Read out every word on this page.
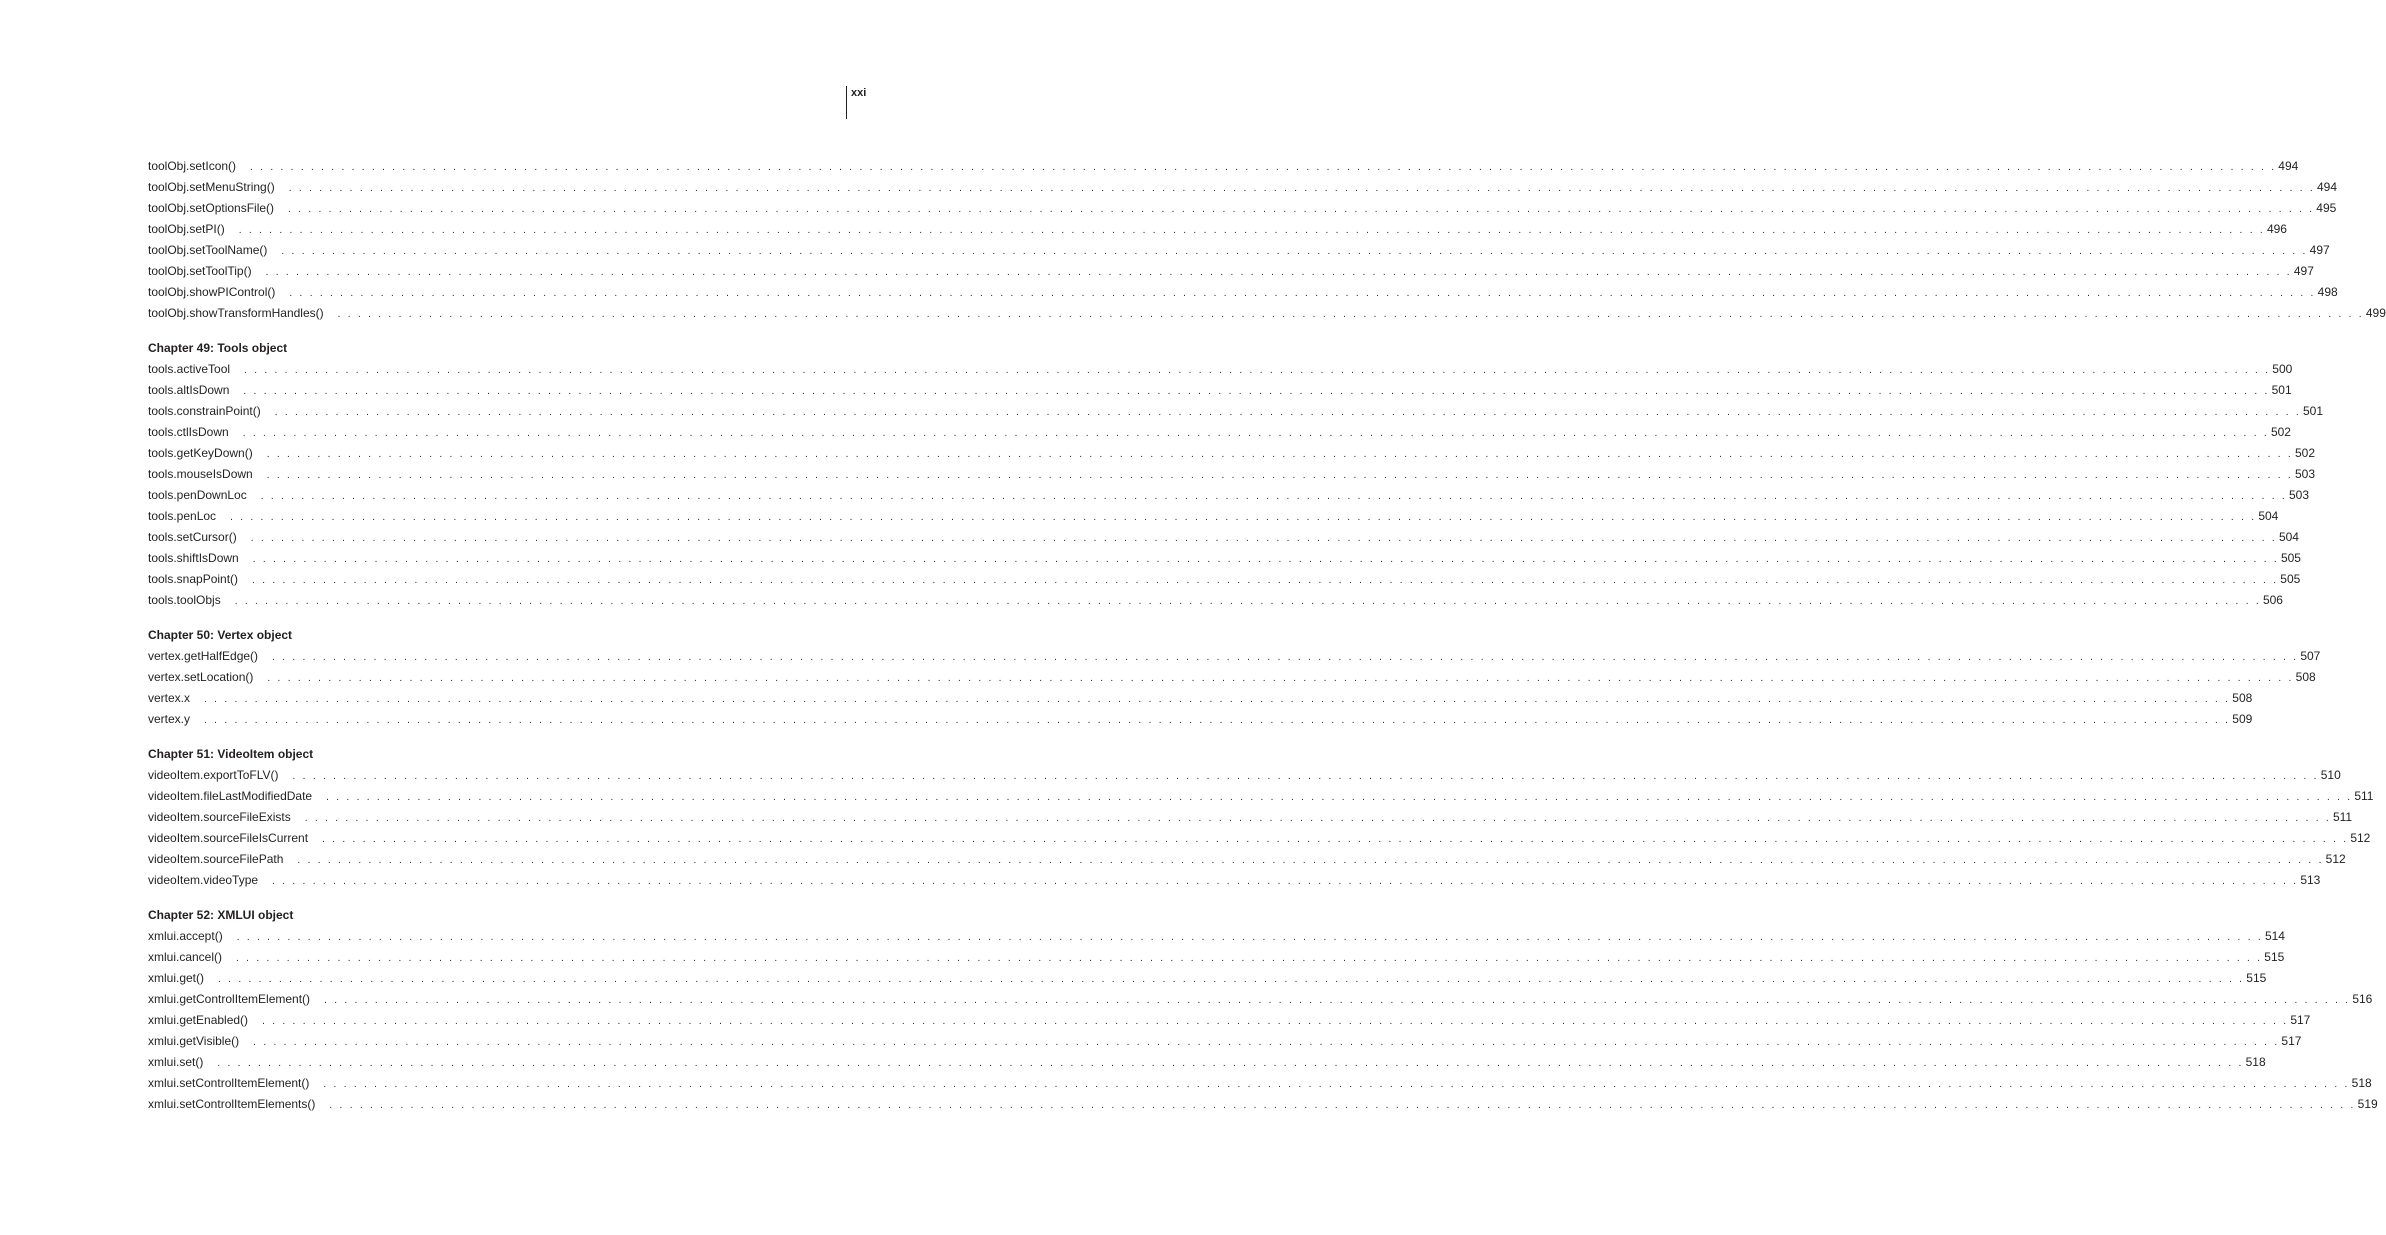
xxi
toolObj.setIcon()	. . . . . . . . . . . . . . . . . . . . . . . . . . . . . . . . . . . . . . . . . . . . . . . . . . . . . . . . . . . . . . . . . . . . . . . . . . . . . . . . . . . . . . . . . . . . . . . . . . . . . . . . . . . . . . . . . . . . . . . . . . . . . . . . . . . . . . . . . . . . . . . . . . . . . . . . . . . . . . . . . . . . . . . . . . . . . . . . . . . . . . . . . . . . . . . . . . . . . . . . 494
toolObj.setMenuString()	. . . . . . . . . . . . . . . . . . . . . . . . . . . . . . . . . . . . . . . . . . . . . . . . . . . . . . . . . . . . . . . . . . . . . . . . . . . . . . . . . . . . . . . . . . . . . . . . . . . . . . . . . . . . . . . . . . . . . . . . . . . . . . . . . . . . . . . . . . . . . . . . . . . . . . . . . . . . . . . . . . . . . . . . . . . . . . . . . . . . . . . . . . . . . . . . . . . . . . . . 494
toolObj.setOptionsFile()	. . . . . . . . . . . . . . . . . . . . . . . . . . . . . . . . . . . . . . . . . . . . . . . . . . . . . . . . . . . . . . . . . . . . . . . . . . . . . . . . . . . . . . . . . . . . . . . . . . . . . . . . . . . . . . . . . . . . . . . . . . . . . . . . . . . . . . . . . . . . . . . . . . . . . . . . . . . . . . . . . . . . . . . . . . . . . . . . . . . . . . . . . . . . . . . . . . . . . . . . 495
toolObj.setPI()	. . . . . . . . . . . . . . . . . . . . . . . . . . . . . . . . . . . . . . . . . . . . . . . . . . . . . . . . . . . . . . . . . . . . . . . . . . . . . . . . . . . . . . . . . . . . . . . . . . . . . . . . . . . . . . . . . . . . . . . . . . . . . . . . . . . . . . . . . . . . . . . . . . . . . . . . . . . . . . . . . . . . . . . . . . . . . . . . . . . . . . . . . . . . . . . . . . . . . . . . 496
toolObj.setToolName()	. . . . . . . . . . . . . . . . . . . . . . . . . . . . . . . . . . . . . . . . . . . . . . . . . . . . . . . . . . . . . . . . . . . . . . . . . . . . . . . . . . . . . . . . . . . . . . . . . . . . . . . . . . . . . . . . . . . . . . . . . . . . . . . . . . . . . . . . . . . . . . . . . . . . . . . . . . . . . . . . . . . . . . . . . . . . . . . . . . . . . . . . . . . . . . . . . . . . . . . . 497
toolObj.setToolTip()	. . . . . . . . . . . . . . . . . . . . . . . . . . . . . . . . . . . . . . . . . . . . . . . . . . . . . . . . . . . . . . . . . . . . . . . . . . . . . . . . . . . . . . . . . . . . . . . . . . . . . . . . . . . . . . . . . . . . . . . . . . . . . . . . . . . . . . . . . . . . . . . . . . . . . . . . . . . . . . . . . . . . . . . . . . . . . . . . . . . . . . . . . . . . . . . . . . . . . . . . 497
toolObj.showPIControl()	. . . . . . . . . . . . . . . . . . . . . . . . . . . . . . . . . . . . . . . . . . . . . . . . . . . . . . . . . . . . . . . . . . . . . . . . . . . . . . . . . . . . . . . . . . . . . . . . . . . . . . . . . . . . . . . . . . . . . . . . . . . . . . . . . . . . . . . . . . . . . . . . . . . . . . . . . . . . . . . . . . . . . . . . . . . . . . . . . . . . . . . . . . . . . . . . . . . . . . . . 498
toolObj.showTransformHandles()	. . . . . . . . . . . . . . . . . . . . . . . . . . . . . . . . . . . . . . . . . . . . . . . . . . . . . . . . . . . . . . . . . . . . . . . . . . . . . . . . . . . . . . . . . . . . . . . . . . . . . . . . . . . . . . . . . . . . . . . . . . . . . . . . . . . . . . . . . . . . . . . . . . . . . . . . . . . . . . . . . . . . . . . . . . . . . . . . . . . . . . . . . . . . . . . . . . . . . . . . 499
Chapter 49: Tools object
tools.activeTool	. . . . . . . . . . . . . . . . . . . . . . . . . . . . . . . . . . . . . . . . . . . . . . . . . . . . . . . . . . . . . . . . . . . . . . . . . . . . . . . . . . . . . . . . . . . . . . . . . . . . . . . . . . . . . . . . . . . . . . . . . . . . . . . . . . . . . . . . . . . . . . . . . . . . . . . . . . . . . . . . . . . . . . . . . . . . . . . . . . . . . . . . . . . . . . . . . . . . . . . . 500
tools.altIsDown	. . . . . . . . . . . . . . . . . . . . . . . . . . . . . . . . . . . . . . . . . . . . . . . . . . . . . . . . . . . . . . . . . . . . . . . . . . . . . . . . . . . . . . . . . . . . . . . . . . . . . . . . . . . . . . . . . . . . . . . . . . . . . . . . . . . . . . . . . . . . . . . . . . . . . . . . . . . . . . . . . . . . . . . . . . . . . . . . . . . . . . . . . . . . . . . . . . . . . . . . 501
tools.constrainPoint()	. . . . . . . . . . . . . . . . . . . . . . . . . . . . . . . . . . . . . . . . . . . . . . . . . . . . . . . . . . . . . . . . . . . . . . . . . . . . . . . . . . . . . . . . . . . . . . . . . . . . . . . . . . . . . . . . . . . . . . . . . . . . . . . . . . . . . . . . . . . . . . . . . . . . . . . . . . . . . . . . . . . . . . . . . . . . . . . . . . . . . . . . . . . . . . . . . . . . . . . . 501
tools.ctlIsDown	. . . . . . . . . . . . . . . . . . . . . . . . . . . . . . . . . . . . . . . . . . . . . . . . . . . . . . . . . . . . . . . . . . . . . . . . . . . . . . . . . . . . . . . . . . . . . . . . . . . . . . . . . . . . . . . . . . . . . . . . . . . . . . . . . . . . . . . . . . . . . . . . . . . . . . . . . . . . . . . . . . . . . . . . . . . . . . . . . . . . . . . . . . . . . . . . . . . . . . . . 502
tools.getKeyDown()	. . . . . . . . . . . . . . . . . . . . . . . . . . . . . . . . . . . . . . . . . . . . . . . . . . . . . . . . . . . . . . . . . . . . . . . . . . . . . . . . . . . . . . . . . . . . . . . . . . . . . . . . . . . . . . . . . . . . . . . . . . . . . . . . . . . . . . . . . . . . . . . . . . . . . . . . . . . . . . . . . . . . . . . . . . . . . . . . . . . . . . . . . . . . . . . . . . . . . . . . 502
tools.mouseIsDown	. . . . . . . . . . . . . . . . . . . . . . . . . . . . . . . . . . . . . . . . . . . . . . . . . . . . . . . . . . . . . . . . . . . . . . . . . . . . . . . . . . . . . . . . . . . . . . . . . . . . . . . . . . . . . . . . . . . . . . . . . . . . . . . . . . . . . . . . . . . . . . . . . . . . . . . . . . . . . . . . . . . . . . . . . . . . . . . . . . . . . . . . . . . . . . . . . . . . . . . . 503
tools.penDownLoc	. . . . . . . . . . . . . . . . . . . . . . . . . . . . . . . . . . . . . . . . . . . . . . . . . . . . . . . . . . . . . . . . . . . . . . . . . . . . . . . . . . . . . . . . . . . . . . . . . . . . . . . . . . . . . . . . . . . . . . . . . . . . . . . . . . . . . . . . . . . . . . . . . . . . . . . . . . . . . . . . . . . . . . . . . . . . . . . . . . . . . . . . . . . . . . . . . . . . . . . . 503
tools.penLoc	. . . . . . . . . . . . . . . . . . . . . . . . . . . . . . . . . . . . . . . . . . . . . . . . . . . . . . . . . . . . . . . . . . . . . . . . . . . . . . . . . . . . . . . . . . . . . . . . . . . . . . . . . . . . . . . . . . . . . . . . . . . . . . . . . . . . . . . . . . . . . . . . . . . . . . . . . . . . . . . . . . . . . . . . . . . . . . . . . . . . . . . . . . . . . . . . . . . . . . . . 504
tools.setCursor()	. . . . . . . . . . . . . . . . . . . . . . . . . . . . . . . . . . . . . . . . . . . . . . . . . . . . . . . . . . . . . . . . . . . . . . . . . . . . . . . . . . . . . . . . . . . . . . . . . . . . . . . . . . . . . . . . . . . . . . . . . . . . . . . . . . . . . . . . . . . . . . . . . . . . . . . . . . . . . . . . . . . . . . . . . . . . . . . . . . . . . . . . . . . . . . . . . . . . . . . . 504
tools.shiftIsDown	. . . . . . . . . . . . . . . . . . . . . . . . . . . . . . . . . . . . . . . . . . . . . . . . . . . . . . . . . . . . . . . . . . . . . . . . . . . . . . . . . . . . . . . . . . . . . . . . . . . . . . . . . . . . . . . . . . . . . . . . . . . . . . . . . . . . . . . . . . . . . . . . . . . . . . . . . . . . . . . . . . . . . . . . . . . . . . . . . . . . . . . . . . . . . . . . . . . . . . . . 505
tools.snapPoint()	. . . . . . . . . . . . . . . . . . . . . . . . . . . . . . . . . . . . . . . . . . . . . . . . . . . . . . . . . . . . . . . . . . . . . . . . . . . . . . . . . . . . . . . . . . . . . . . . . . . . . . . . . . . . . . . . . . . . . . . . . . . . . . . . . . . . . . . . . . . . . . . . . . . . . . . . . . . . . . . . . . . . . . . . . . . . . . . . . . . . . . . . . . . . . . . . . . . . . . . . 505
tools.toolObjs	. . . . . . . . . . . . . . . . . . . . . . . . . . . . . . . . . . . . . . . . . . . . . . . . . . . . . . . . . . . . . . . . . . . . . . . . . . . . . . . . . . . . . . . . . . . . . . . . . . . . . . . . . . . . . . . . . . . . . . . . . . . . . . . . . . . . . . . . . . . . . . . . . . . . . . . . . . . . . . . . . . . . . . . . . . . . . . . . . . . . . . . . . . . . . . . . . . . . . . . . 506
Chapter 50: Vertex object
vertex.getHalfEdge()	. . . . . . . . . . . . . . . . . . . . . . . . . . . . . . . . . . . . . . . . . . . . . . . . . . . . . . . . . . . . . . . . . . . . . . . . . . . . . . . . . . . . . . . . . . . . . . . . . . . . . . . . . . . . . . . . . . . . . . . . . . . . . . . . . . . . . . . . . . . . . . . . . . . . . . . . . . . . . . . . . . . . . . . . . . . . . . . . . . . . . . . . . . . . . . . . . . . . . . . . 507
vertex.setLocation()	. . . . . . . . . . . . . . . . . . . . . . . . . . . . . . . . . . . . . . . . . . . . . . . . . . . . . . . . . . . . . . . . . . . . . . . . . . . . . . . . . . . . . . . . . . . . . . . . . . . . . . . . . . . . . . . . . . . . . . . . . . . . . . . . . . . . . . . . . . . . . . . . . . . . . . . . . . . . . . . . . . . . . . . . . . . . . . . . . . . . . . . . . . . . . . . . . . . . . . . . 508
vertex.x	. . . . . . . . . . . . . . . . . . . . . . . . . . . . . . . . . . . . . . . . . . . . . . . . . . . . . . . . . . . . . . . . . . . . . . . . . . . . . . . . . . . . . . . . . . . . . . . . . . . . . . . . . . . . . . . . . . . . . . . . . . . . . . . . . . . . . . . . . . . . . . . . . . . . . . . . . . . . . . . . . . . . . . . . . . . . . . . . . . . . . . . . . . . . . . . . . . . . . . . . 508
vertex.y	. . . . . . . . . . . . . . . . . . . . . . . . . . . . . . . . . . . . . . . . . . . . . . . . . . . . . . . . . . . . . . . . . . . . . . . . . . . . . . . . . . . . . . . . . . . . . . . . . . . . . . . . . . . . . . . . . . . . . . . . . . . . . . . . . . . . . . . . . . . . . . . . . . . . . . . . . . . . . . . . . . . . . . . . . . . . . . . . . . . . . . . . . . . . . . . . . . . . . . . . 509
Chapter 51: VideoItem object
videoItem.exportToFLV()	. . . . . . . . . . . . . . . . . . . . . . . . . . . . . . . . . . . . . . . . . . . . . . . . . . . . . . . . . . . . . . . . . . . . . . . . . . . . . . . . . . . . . . . . . . . . . . . . . . . . . . . . . . . . . . . . . . . . . . . . . . . . . . . . . . . . . . . . . . . . . . . . . . . . . . . . . . . . . . . . . . . . . . . . . . . . . . . . . . . . . . . . . . . . . . . . . . . . . . . . 510
videoItem.fileLastModifiedDate	. . . . . . . . . . . . . . . . . . . . . . . . . . . . . . . . . . . . . . . . . . . . . . . . . . . . . . . . . . . . . . . . . . . . . . . . . . . . . . . . . . . . . . . . . . . . . . . . . . . . . . . . . . . . . . . . . . . . . . . . . . . . . . . . . . . . . . . . . . . . . . . . . . . . . . . . . . . . . . . . . . . . . . . . . . . . . . . . . . . . . . . . . . . . . . . . . . . . . . . . 511
videoItem.sourceFileExists	. . . . . . . . . . . . . . . . . . . . . . . . . . . . . . . . . . . . . . . . . . . . . . . . . . . . . . . . . . . . . . . . . . . . . . . . . . . . . . . . . . . . . . . . . . . . . . . . . . . . . . . . . . . . . . . . . . . . . . . . . . . . . . . . . . . . . . . . . . . . . . . . . . . . . . . . . . . . . . . . . . . . . . . . . . . . . . . . . . . . . . . . . . . . . . . . . . . . . . . . 511
videoItem.sourceFileIsCurrent	. . . . . . . . . . . . . . . . . . . . . . . . . . . . . . . . . . . . . . . . . . . . . . . . . . . . . . . . . . . . . . . . . . . . . . . . . . . . . . . . . . . . . . . . . . . . . . . . . . . . . . . . . . . . . . . . . . . . . . . . . . . . . . . . . . . . . . . . . . . . . . . . . . . . . . . . . . . . . . . . . . . . . . . . . . . . . . . . . . . . . . . . . . . . . . . . . . . . . . . . 512
videoItem.sourceFilePath	. . . . . . . . . . . . . . . . . . . . . . . . . . . . . . . . . . . . . . . . . . . . . . . . . . . . . . . . . . . . . . . . . . . . . . . . . . . . . . . . . . . . . . . . . . . . . . . . . . . . . . . . . . . . . . . . . . . . . . . . . . . . . . . . . . . . . . . . . . . . . . . . . . . . . . . . . . . . . . . . . . . . . . . . . . . . . . . . . . . . . . . . . . . . . . . . . . . . . . . . 512
videoItem.videoType	. . . . . . . . . . . . . . . . . . . . . . . . . . . . . . . . . . . . . . . . . . . . . . . . . . . . . . . . . . . . . . . . . . . . . . . . . . . . . . . . . . . . . . . . . . . . . . . . . . . . . . . . . . . . . . . . . . . . . . . . . . . . . . . . . . . . . . . . . . . . . . . . . . . . . . . . . . . . . . . . . . . . . . . . . . . . . . . . . . . . . . . . . . . . . . . . . . . . . . . . 513
Chapter 52: XMLUI object
xmlui.accept()	. . . . . . . . . . . . . . . . . . . . . . . . . . . . . . . . . . . . . . . . . . . . . . . . . . . . . . . . . . . . . . . . . . . . . . . . . . . . . . . . . . . . . . . . . . . . . . . . . . . . . . . . . . . . . . . . . . . . . . . . . . . . . . . . . . . . . . . . . . . . . . . . . . . . . . . . . . . . . . . . . . . . . . . . . . . . . . . . . . . . . . . . . . . . . . . . . . . . . . . . 514
xmlui.cancel()	. . . . . . . . . . . . . . . . . . . . . . . . . . . . . . . . . . . . . . . . . . . . . . . . . . . . . . . . . . . . . . . . . . . . . . . . . . . . . . . . . . . . . . . . . . . . . . . . . . . . . . . . . . . . . . . . . . . . . . . . . . . . . . . . . . . . . . . . . . . . . . . . . . . . . . . . . . . . . . . . . . . . . . . . . . . . . . . . . . . . . . . . . . . . . . . . . . . . . . . . 515
xmlui.get()	. . . . . . . . . . . . . . . . . . . . . . . . . . . . . . . . . . . . . . . . . . . . . . . . . . . . . . . . . . . . . . . . . . . . . . . . . . . . . . . . . . . . . . . . . . . . . . . . . . . . . . . . . . . . . . . . . . . . . . . . . . . . . . . . . . . . . . . . . . . . . . . . . . . . . . . . . . . . . . . . . . . . . . . . . . . . . . . . . . . . . . . . . . . . . . . . . . . . . . . . 515
xmlui.getControlItemElement()	. . . . . . . . . . . . . . . . . . . . . . . . . . . . . . . . . . . . . . . . . . . . . . . . . . . . . . . . . . . . . . . . . . . . . . . . . . . . . . . . . . . . . . . . . . . . . . . . . . . . . . . . . . . . . . . . . . . . . . . . . . . . . . . . . . . . . . . . . . . . . . . . . . . . . . . . . . . . . . . . . . . . . . . . . . . . . . . . . . . . . . . . . . . . . . . . . . . . . . . . 516
xmlui.getEnabled()	. . . . . . . . . . . . . . . . . . . . . . . . . . . . . . . . . . . . . . . . . . . . . . . . . . . . . . . . . . . . . . . . . . . . . . . . . . . . . . . . . . . . . . . . . . . . . . . . . . . . . . . . . . . . . . . . . . . . . . . . . . . . . . . . . . . . . . . . . . . . . . . . . . . . . . . . . . . . . . . . . . . . . . . . . . . . . . . . . . . . . . . . . . . . . . . . . . . . . . . . 517
xmlui.getVisible()	. . . . . . . . . . . . . . . . . . . . . . . . . . . . . . . . . . . . . . . . . . . . . . . . . . . . . . . . . . . . . . . . . . . . . . . . . . . . . . . . . . . . . . . . . . . . . . . . . . . . . . . . . . . . . . . . . . . . . . . . . . . . . . . . . . . . . . . . . . . . . . . . . . . . . . . . . . . . . . . . . . . . . . . . . . . . . . . . . . . . . . . . . . . . . . . . . . . . . . . . 517
xmlui.set()	. . . . . . . . . . . . . . . . . . . . . . . . . . . . . . . . . . . . . . . . . . . . . . . . . . . . . . . . . . . . . . . . . . . . . . . . . . . . . . . . . . . . . . . . . . . . . . . . . . . . . . . . . . . . . . . . . . . . . . . . . . . . . . . . . . . . . . . . . . . . . . . . . . . . . . . . . . . . . . . . . . . . . . . . . . . . . . . . . . . . . . . . . . . . . . . . . . . . . . . . 518
xmlui.setControlItemElement()	. . . . . . . . . . . . . . . . . . . . . . . . . . . . . . . . . . . . . . . . . . . . . . . . . . . . . . . . . . . . . . . . . . . . . . . . . . . . . . . . . . . . . . . . . . . . . . . . . . . . . . . . . . . . . . . . . . . . . . . . . . . . . . . . . . . . . . . . . . . . . . . . . . . . . . . . . . . . . . . . . . . . . . . . . . . . . . . . . . . . . . . . . . . . . . . . . . . . . . . . 518
xmlui.setControlItemElements()	. . . . . . . . . . . . . . . . . . . . . . . . . . . . . . . . . . . . . . . . . . . . . . . . . . . . . . . . . . . . . . . . . . . . . . . . . . . . . . . . . . . . . . . . . . . . . . . . . . . . . . . . . . . . . . . . . . . . . . . . . . . . . . . . . . . . . . . . . . . . . . . . . . . . . . . . . . . . . . . . . . . . . . . . . . . . . . . . . . . . . . . . . . . . . . . . . . . . . . . . 519
